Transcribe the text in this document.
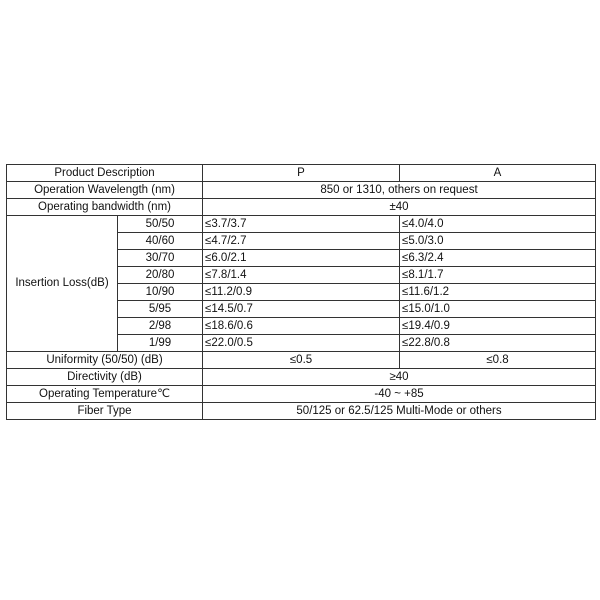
Product Description		P	A
Operation Wavelength (nm)		850 or 1310, others on request	
Operating bandwidth (nm)		±40	
Insertion Loss(dB)	50/50	≤3.7/3.7	≤4.0/4.0
	40/60	≤4.7/2.7	≤5.0/3.0
	30/70	≤6.0/2.1	≤6.3/2.4
	20/80	≤7.8/1.4	≤8.1/1.7
	10/90	≤11.2/0.9	≤11.6/1.2
	5/95	≤14.5/0.7	≤15.0/1.0
	2/98	≤18.6/0.6	≤19.4/0.9
	1/99	≤22.0/0.5	≤22.8/0.8
Uniformity (50/50) (dB)		≤0.5	≤0.8
Directivity (dB)		≥40	
Operating Temperature℃		-40 ~ +85	
Fiber Type		50/125 or 62.5/125 Multi-Mode or others	
